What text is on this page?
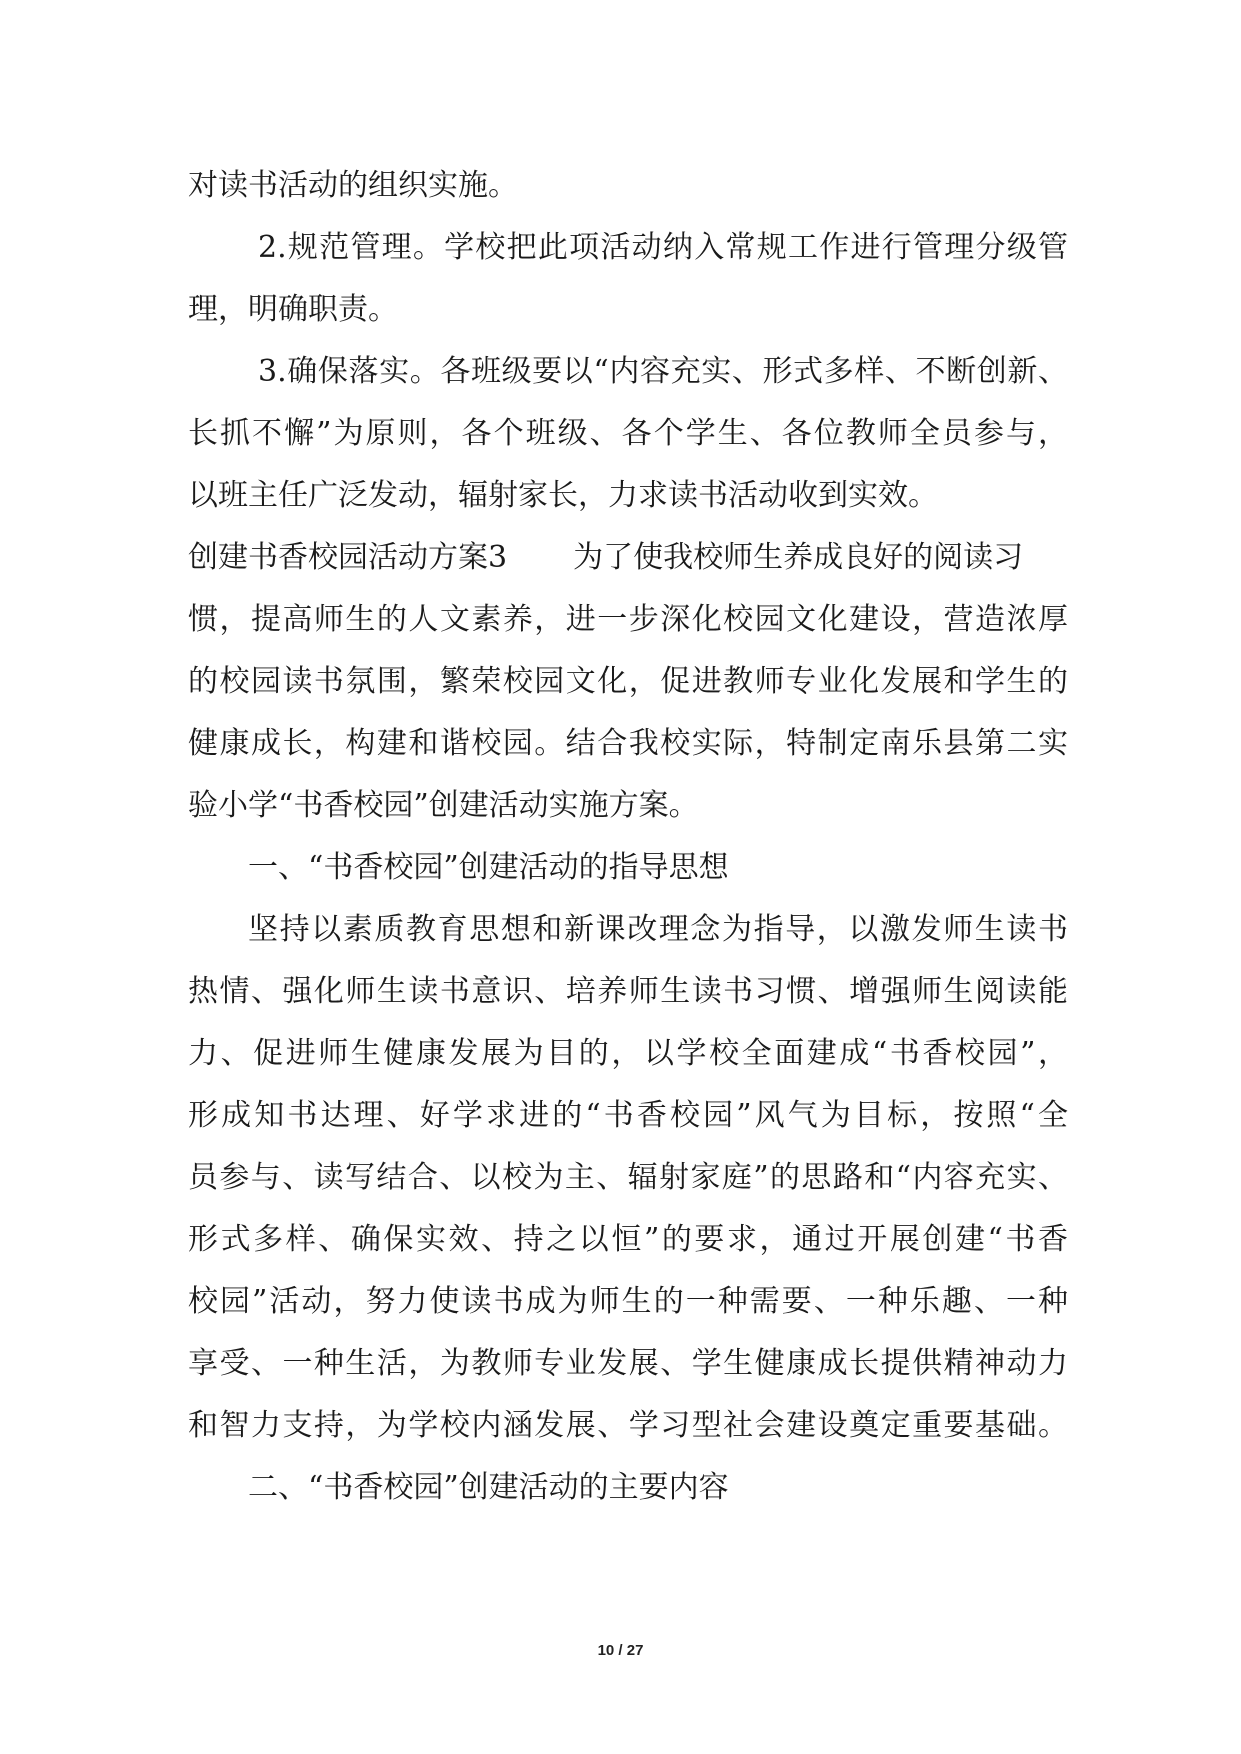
对读书活动的组织实施。
2.规范管理。学校把此项活动纳入常规工作进行管理分级管
理，明确职责。
3.确保落实。各班级要以“内容充实、形式多样、不断创新、
长抓不懈”为原则，各个班级、各个学生、各位教师全员参与，
以班主任广泛发动，辐射家长，力求读书活动收到实效。
创建书香校园活动方案3 为了使我校师生养成良好的阅读习
惯，提高师生的人文素养，进一步深化校园文化建设，营造浓厚
的校园读书氛围，繁荣校园文化，促进教师专业化发展和学生的
健康成长，构建和谐校园。结合我校实际，特制定南乐县第二实
验小学“书香校园”创建活动实施方案。
一、“书香校园”创建活动的指导思想
坚持以素质教育思想和新课改理念为指导，以激发师生读书
热情、强化师生读书意识、培养师生读书习惯、增强师生阅读能
力、促进师生健康发展为目的，以学校全面建成“书香校园”，
形成知书达理、好学求进的“书香校园”风气为目标，按照“全
员参与、读写结合、以校为主、辐射家庭”的思路和“内容充实、
形式多样、确保实效、持之以恒”的要求，通过开展创建“书香
校园”活动，努力使读书成为师生的一种需要、一种乐趣、一种
享受、一种生活，为教师专业发展、学生健康成长提供精神动力
和智力支持，为学校内涵发展、学习型社会建设奠定重要基础。
二、“书香校园”创建活动的主要内容
10 / 27
